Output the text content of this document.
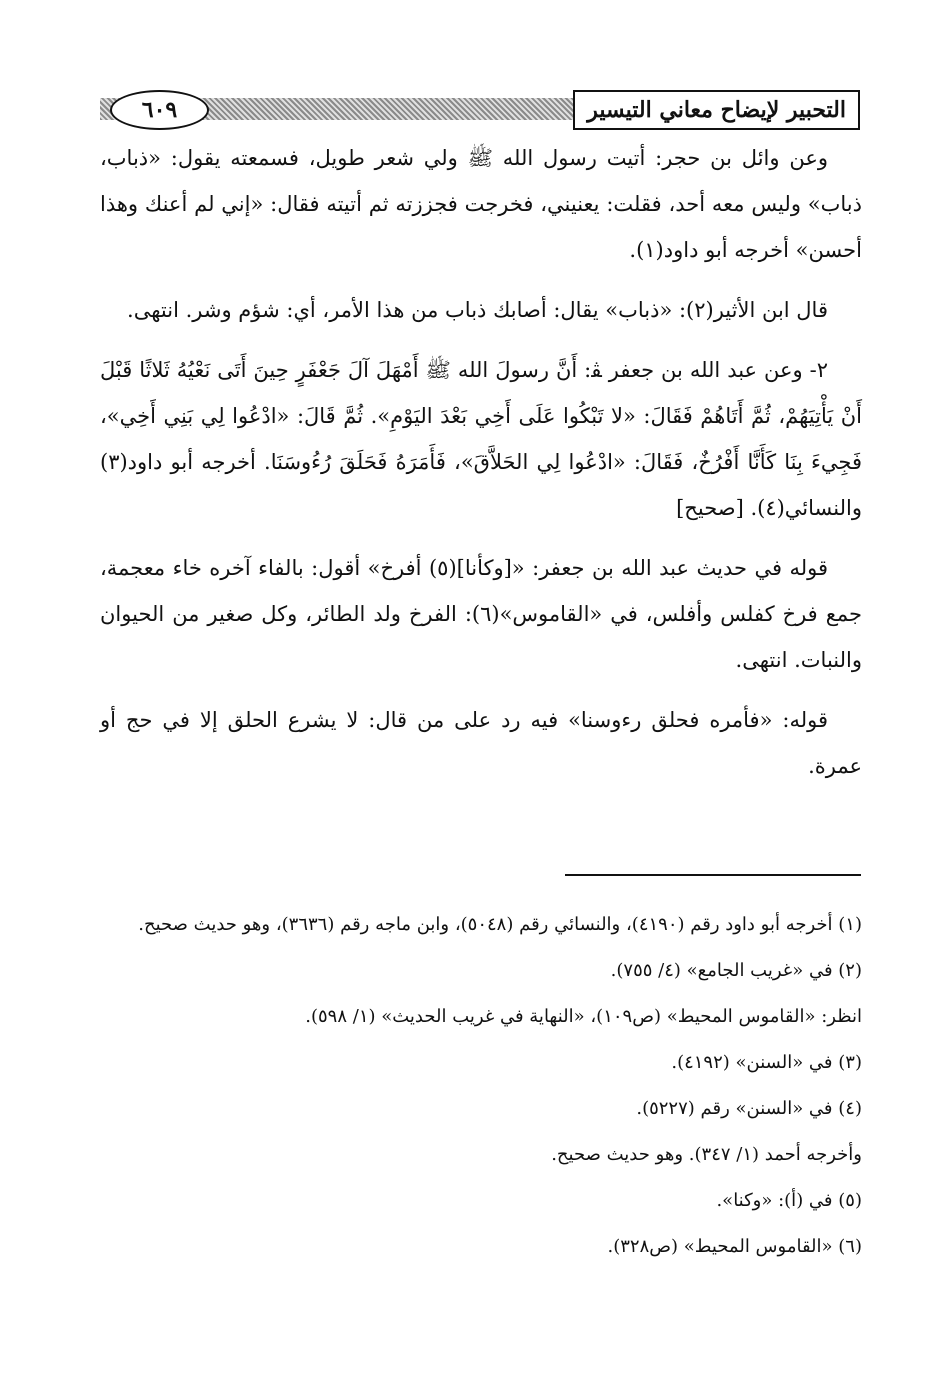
٦٠٩	التحبير لإيضاح معاني التيسير

وعن وائل بن حجر: أتيت رسول الله ﷺ ولي شعر طويل، فسمعته يقول: «ذباب، ذباب» وليس معه أحد، فقلت: يعنيني، فخرجت فجززته ثم أتيته فقال: «إني لم أعنك وهذا أحسن» أخرجه أبو داود(١).

قال ابن الأثير(٢): «ذباب» يقال: أصابك ذباب من هذا الأمر، أي: شؤم وشر. انتهى.

٢- وعن عبد الله بن جعفر ﭭ: أَنَّ رسولَ الله ﷺ أَمْهَلَ آلَ جَعْفَرٍ حِينَ أَتَى نَعْيُهُ ثَلاثًا قَبْلَ أَنْ يَأْتِيَهُمْ، ثُمَّ أَتَاهُمْ فَقَالَ: «لا تَبْكُوا عَلَى أَخِي بَعْدَ اليَوْمِ». ثُمَّ قَالَ: «ادْعُوا لِي بَنِي أَخِي»، فَجِيءَ بِنَا كَأَنَّا أَفْرُخٌ، فَقَالَ: «ادْعُوا لِي الحَلاَّقَ»، فَأَمَرَهُ فَحَلَقَ رُءُوسَنَا. أخرجه أبو داود(٣) والنسائي(٤). [صحيح]

قوله في حديث عبد الله بن جعفر: «[وكأنا](٥) أفرخ» أقول: بالفاء آخره خاء معجمة، جمع فرخ كفلس وأفلس، في «القاموس»(٦): الفرخ ولد الطائر، وكل صغير من الحيوان والنبات. انتهى.

قوله: «فأمره فحلق رءوسنا» فيه رد على من قال: لا يشرع الحلق إلا في حج أو عمرة.

(١) أخرجه أبو داود رقم (٤١٩٠)، والنسائي رقم (٥٠٤٨)، وابن ماجه رقم (٣٦٣٦)، وهو حديث صحيح.

(٢) في «غريب الجامع» (٤/ ٧٥٥).

انظر: «القاموس المحيط» (ص١٠٩)، «النهاية في غريب الحديث» (١/ ٥٩٨).

(٣) في «السنن» (٤١٩٢).

(٤) في «السنن» رقم (٥٢٢٧).

وأخرجه أحمد (١/ ٣٤٧). وهو حديث صحيح.

(٥) في (أ): «وكنا».

(٦) «القاموس المحيط» (ص٣٢٨).
